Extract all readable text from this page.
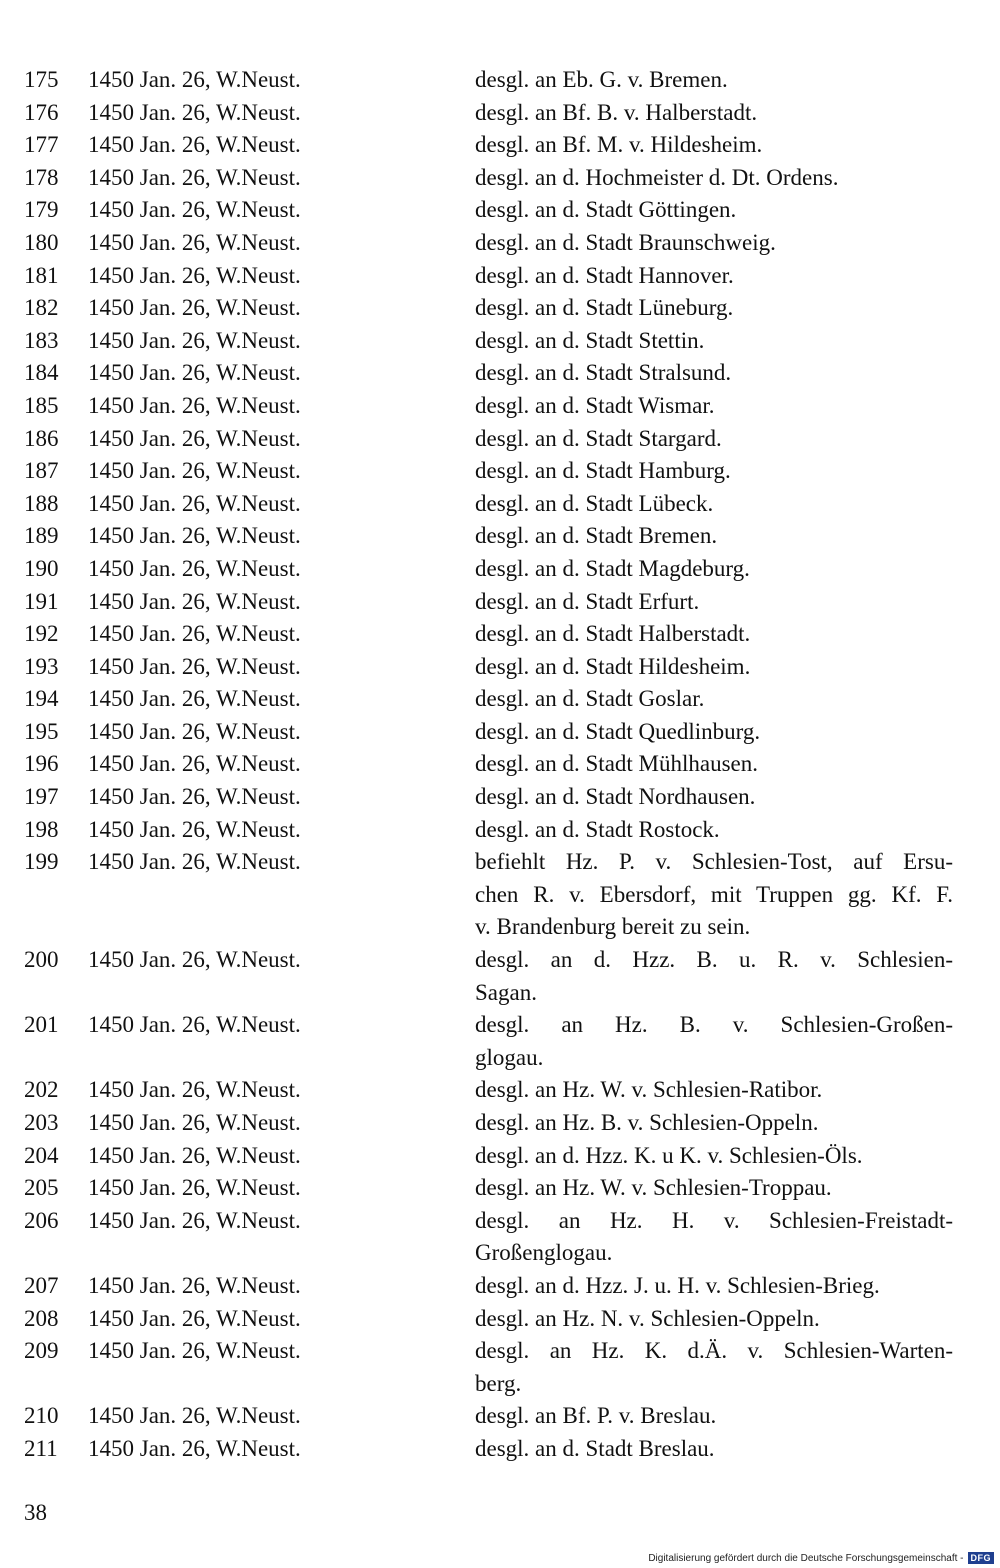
175	1450 Jan. 26, W.Neust.	desgl. an Eb. G. v. Bremen.
176	1450 Jan. 26, W.Neust.	desgl. an Bf. B. v. Halberstadt.
177	1450 Jan. 26, W.Neust.	desgl. an Bf. M. v. Hildesheim.
178	1450 Jan. 26, W.Neust.	desgl. an d. Hochmeister d. Dt. Ordens.
179	1450 Jan. 26, W.Neust.	desgl. an d. Stadt Göttingen.
180	1450 Jan. 26, W.Neust.	desgl. an d. Stadt Braunschweig.
181	1450 Jan. 26, W.Neust.	desgl. an d. Stadt Hannover.
182	1450 Jan. 26, W.Neust.	desgl. an d. Stadt Lüneburg.
183	1450 Jan. 26, W.Neust.	desgl. an d. Stadt Stettin.
184	1450 Jan. 26, W.Neust.	desgl. an d. Stadt Stralsund.
185	1450 Jan. 26, W.Neust.	desgl. an d. Stadt Wismar.
186	1450 Jan. 26, W.Neust.	desgl. an d. Stadt Stargard.
187	1450 Jan. 26, W.Neust.	desgl. an d. Stadt Hamburg.
188	1450 Jan. 26, W.Neust.	desgl. an d. Stadt Lübeck.
189	1450 Jan. 26, W.Neust.	desgl. an d. Stadt Bremen.
190	1450 Jan. 26, W.Neust.	desgl. an d. Stadt Magdeburg.
191	1450 Jan. 26, W.Neust.	desgl. an d. Stadt Erfurt.
192	1450 Jan. 26, W.Neust.	desgl. an d. Stadt Halberstadt.
193	1450 Jan. 26, W.Neust.	desgl. an d. Stadt Hildesheim.
194	1450 Jan. 26, W.Neust.	desgl. an d. Stadt Goslar.
195	1450 Jan. 26, W.Neust.	desgl. an d. Stadt Quedlinburg.
196	1450 Jan. 26, W.Neust.	desgl. an d. Stadt Mühlhausen.
197	1450 Jan. 26, W.Neust.	desgl. an d. Stadt Nordhausen.
198	1450 Jan. 26, W.Neust.	desgl. an d. Stadt Rostock.
199	1450 Jan. 26, W.Neust.	befiehlt Hz. P. v. Schlesien-Tost, auf Ersu-
chen R. v. Ebersdorf, mit Truppen gg. Kf. F.
v. Brandenburg bereit zu sein.
200	1450 Jan. 26, W.Neust.	desgl. an d. Hzz. B. u. R. v. Schlesien-
Sagan.
201	1450 Jan. 26, W.Neust.	desgl. an Hz. B. v. Schlesien-Großen-
glogau.
202	1450 Jan. 26, W.Neust.	desgl. an Hz. W. v. Schlesien-Ratibor.
203	1450 Jan. 26, W.Neust.	desgl. an Hz. B. v. Schlesien-Oppeln.
204	1450 Jan. 26, W.Neust.	desgl. an d. Hzz. K. u K. v. Schlesien-Öls.
205	1450 Jan. 26, W.Neust.	desgl. an Hz. W. v. Schlesien-Troppau.
206	1450 Jan. 26, W.Neust.	desgl. an Hz. H. v. Schlesien-Freistadt-
Großenglogau.
207	1450 Jan. 26, W.Neust.	desgl. an d. Hzz. J. u. H. v. Schlesien-Brieg.
208	1450 Jan. 26, W.Neust.	desgl. an Hz. N. v. Schlesien-Oppeln.
209	1450 Jan. 26, W.Neust.	desgl. an Hz. K. d.Ä. v. Schlesien-Warten-
berg.
210	1450 Jan. 26, W.Neust.	desgl. an Bf. P. v. Breslau.
211	1450 Jan. 26, W.Neust.	desgl. an d. Stadt Breslau.
38
Digitalisierung gefördert durch die Deutsche Forschungsgemeinschaft - DFG
